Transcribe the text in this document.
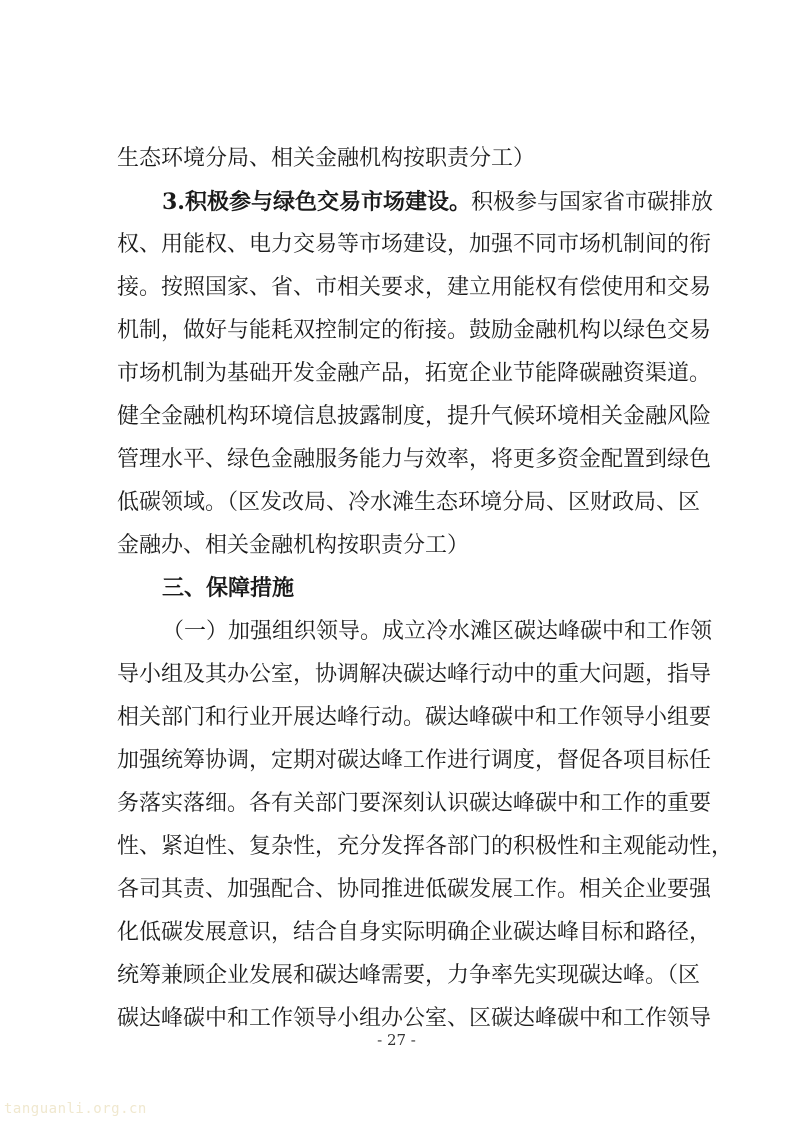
生态环境分局、相关金融机构按职责分工）
3.积极参与绿色交易市场建设。积极参与国家省市碳排放
权、用能权、电力交易等市场建设，加强不同市场机制间的衔
接。按照国家、省、市相关要求，建立用能权有偿使用和交易
机制，做好与能耗双控制定的衔接。鼓励金融机构以绿色交易
市场机制为基础开发金融产品，拓宽企业节能降碳融资渠道。
健全金融机构环境信息披露制度，提升气候环境相关金融风险
管理水平、绿色金融服务能力与效率，将更多资金配置到绿色
低碳领域。（区发改局、冷水滩生态环境分局、区财政局、区
金融办、相关金融机构按职责分工）
三、保障措施
（一）加强组织领导。成立冷水滩区碳达峰碳中和工作领
导小组及其办公室，协调解决碳达峰行动中的重大问题，指导
相关部门和行业开展达峰行动。碳达峰碳中和工作领导小组要
加强统筹协调，定期对碳达峰工作进行调度，督促各项目标任
务落实落细。各有关部门要深刻认识碳达峰碳中和工作的重要
性、紧迫性、复杂性，充分发挥各部门的积极性和主观能动性，
各司其责、加强配合、协同推进低碳发展工作。相关企业要强
化低碳发展意识，结合自身实际明确企业碳达峰目标和路径，
统筹兼顾企业发展和碳达峰需要，力争率先实现碳达峰。（区
碳达峰碳中和工作领导小组办公室、区碳达峰碳中和工作领导
- 27 -
tanguanli.org.cn
